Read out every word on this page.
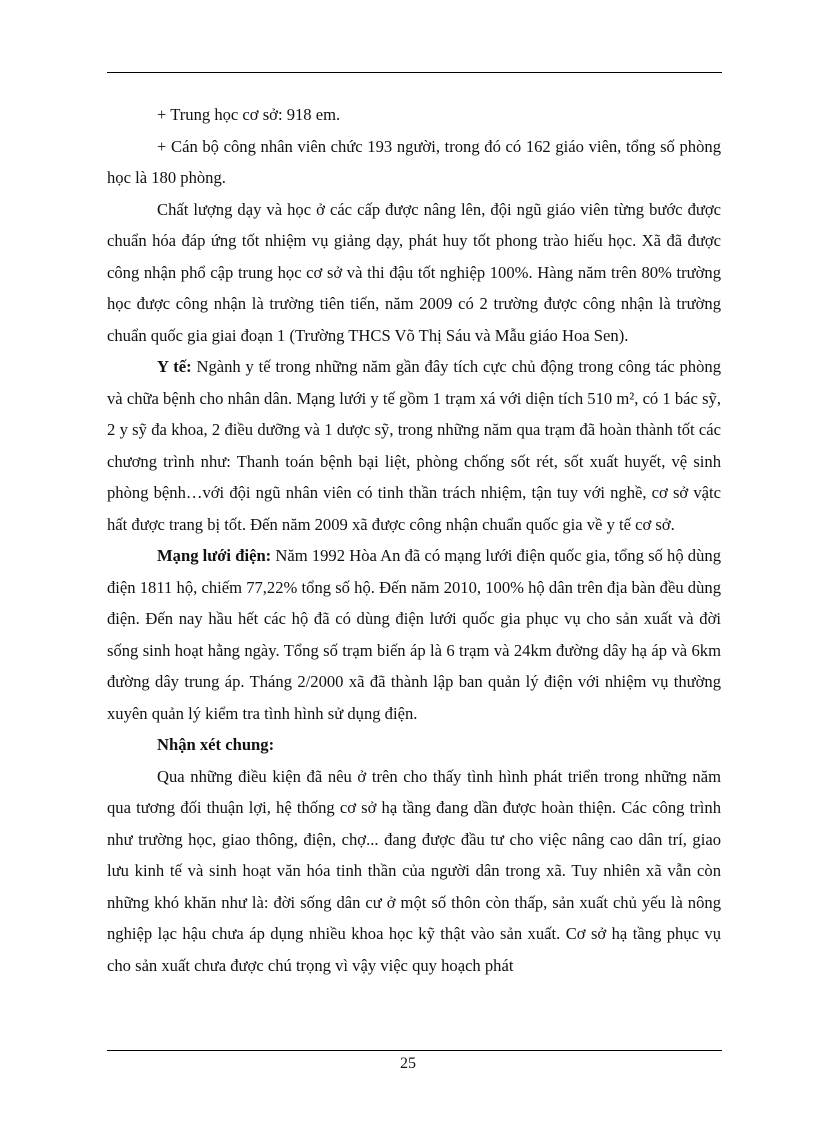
+ Trung học cơ sở: 918 em.

+ Cán bộ công nhân viên chức 193 người, trong đó có 162 giáo viên, tổng số phòng học là 180 phòng.

Chất lượng dạy và học ở các cấp được nâng lên, đội ngũ giáo viên từng bước được chuẩn hóa đáp ứng tốt nhiệm vụ giảng dạy, phát huy tốt phong trào hiếu học. Xã đã được công nhận phổ cập trung học cơ sở và thi đậu tốt nghiệp 100%. Hàng năm trên 80% trường học được công nhận là trường tiên tiến, năm 2009 có 2 trường được công nhận là trường chuẩn quốc gia giai đoạn 1 (Trường THCS Võ Thị Sáu và Mẫu giáo Hoa Sen).

Y tế: Ngành y tế trong những năm gần đây tích cực chủ động trong công tác phòng và chữa bệnh cho nhân dân. Mạng lưới y tế gồm 1 trạm xá với diện tích 510 m², có 1 bác sỹ, 2 y sỹ đa khoa, 2 điều dưỡng và 1 dược sỹ, trong những năm qua trạm đã hoàn thành tốt các chương trình như: Thanh toán bệnh bại liệt, phòng chống sốt rét, sốt xuất huyết, vệ sinh phòng bệnh…với đội ngũ nhân viên có tinh thần trách nhiệm, tận tuy với nghề, cơ sở vậtc hất được trang bị tốt. Đến năm 2009 xã được công nhận chuẩn quốc gia về y tế cơ sở.

Mạng lưới điện: Năm 1992 Hòa An đã có mạng lưới điện quốc gia, tổng số hộ dùng điện 1811 hộ, chiếm 77,22% tổng số hộ. Đến năm 2010, 100% hộ dân trên địa bàn đều dùng điện. Đến nay hầu hết các hộ đã có dùng điện lưới quốc gia phục vụ cho sản xuất và đời sống sinh hoạt hằng ngày. Tổng số trạm biến áp là 6 trạm và 24km đường dây hạ áp và 6km đường dây trung áp. Tháng 2/2000 xã đã thành lập ban quản lý điện với nhiệm vụ thường xuyên quản lý kiểm tra tình hình sử dụng điện.

Nhận xét chung:

Qua những điều kiện đã nêu ở trên cho thấy tình hình phát triển trong những năm qua tương đối thuận lợi, hệ thống cơ sở hạ tầng đang dần được hoàn thiện. Các công trình như trường học, giao thông, điện, chợ... đang được đầu tư cho việc nâng cao dân trí, giao lưu kinh tế và sinh hoạt văn hóa tinh thần của người dân trong xã. Tuy nhiên xã vẫn còn những khó khăn như là: đời sống dân cư ở một số thôn còn thấp, sản xuất chủ yếu là nông nghiệp lạc hậu chưa áp dụng nhiều khoa học kỹ thật vào sản xuất. Cơ sở hạ tầng phục vụ cho sản xuất chưa được chú trọng vì vậy việc quy hoạch phát

25
